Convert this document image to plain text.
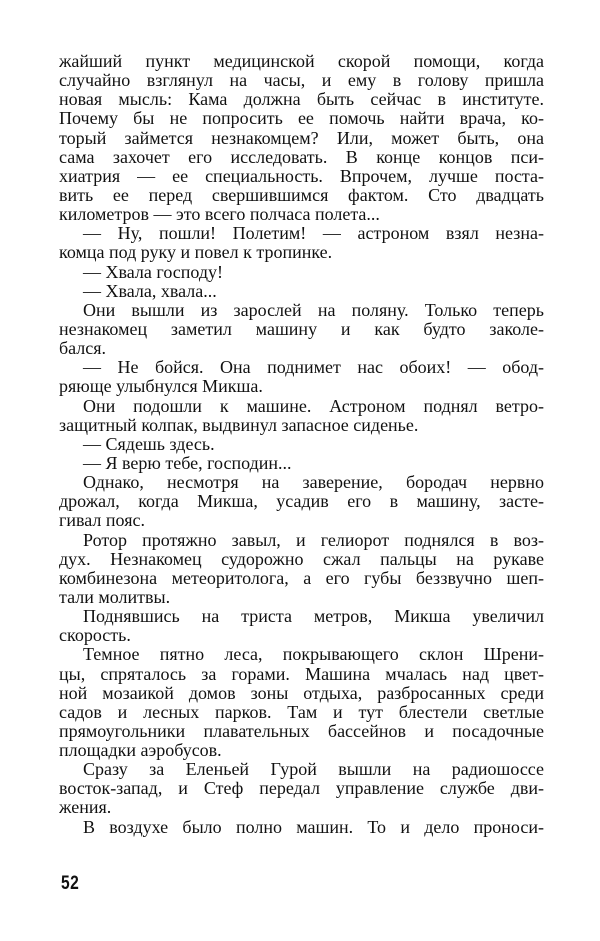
жайший пункт медицинской скорой помощи, когда
случайно взглянул на часы, и ему в голову пришла
новая мысль: Кама должна быть сейчас в институте.
Почему бы не попросить ее помочь найти врача, ко-
торый займется незнакомцем? Или, может быть, она
сама захочет его исследовать. В конце концов пси-
хиатрия — ее специальность. Впрочем, лучше поста-
вить ее перед свершившимся фактом. Сто двадцать
километров — это всего полчаса полета...
— Ну, пошли! Полетим! — астроном взял незна-
комца под руку и повел к тропинке.
— Хвала господу!
— Хвала, хвала...
Они вышли из зарослей на поляну. Только теперь
незнакомец заметил машину и как будто заколе-
бался.
— Не бойся. Она поднимет нас обоих! — обод-
ряюще улыбнулся Микша.
Они подошли к машине. Астроном поднял ветро-
защитный колпак, выдвинул запасное сиденье.
— Сядешь здесь.
— Я верю тебе, господин...
Однако, несмотря на заверение, бородач нервно
дрожал, когда Микша, усадив его в машину, засте-
гивал пояс.
Ротор протяжно завыл, и гелиорот поднялся в воз-
дух. Незнакомец судорожно сжал пальцы на рукаве
комбинезона метеоритолога, а его губы беззвучно шеп-
тали молитвы.
Поднявшись на триста метров, Микша увеличил
скорость.
Темное пятно леса, покрывающего склон Шрени-
цы, спряталось за горами. Машина мчалась над цвет-
ной мозаикой домов зоны отдыха, разбросанных среди
садов и лесных парков. Там и тут блестели светлые
прямоугольники плавательных бассейнов и посадочные
площадки аэробусов.
Сразу за Еленьей Гурой вышли на радиошоссе
восток-запад, и Стеф передал управление службе дви-
жения.
В воздухе было полно машин. То и дело проноси-
52
